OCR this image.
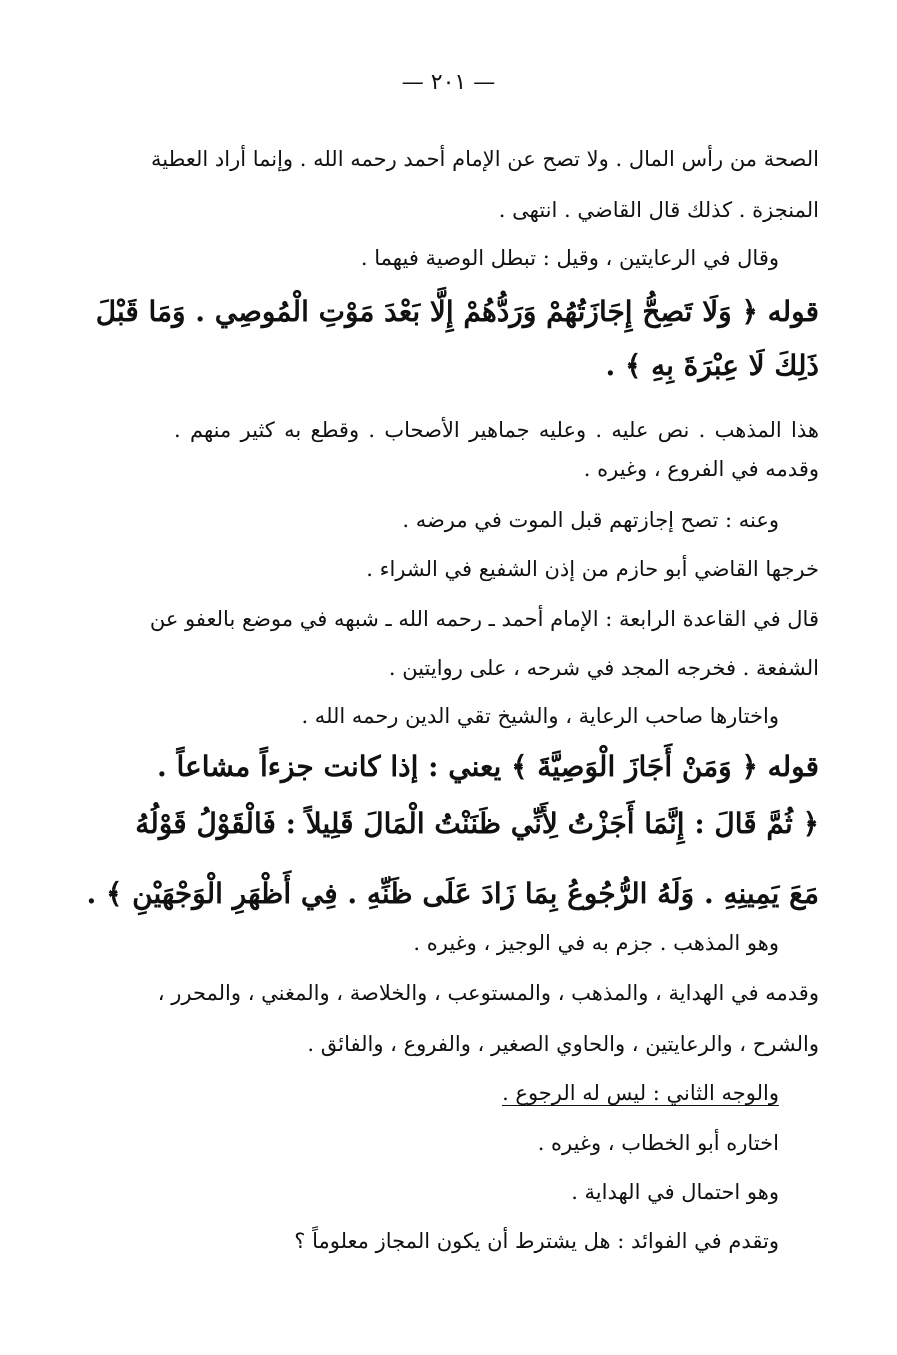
— ٢٠١ —
الصحة من رأس المال . ولا تصح عن الإمام أحمد رحمه الله . وإنما أراد العطية
المنجزة . كذلك قال القاضي . انتهى .
وقال في الرعايتين ، وقيل : تبطل الوصية فيهما .
قوله ﴿ وَلَا تَصِحُّ إِجَازَتُهُمْ وَرَدُّهُمْ إِلَّا بَعْدَ مَوْتِ الْمُوصِي . وَمَا قَبْلَ
ذَلِكَ لَا عِبْرَةَ بِهِ ﴾ .
هذا المذهب . نص عليه . وعليه جماهير الأصحاب . وقطع به كثير منهم .
وقدمه في الفروع ، وغيره .
وعنه : تصح إجازتهم قبل الموت في مرضه .
خرجها القاضي أبو حازم من إذن الشفيع في الشراء .
قال في القاعدة الرابعة : الإمام أحمد ـ رحمه الله ـ شبهه في موضع بالعفو عن
الشفعة . فخرجه المجد في شرحه ، على روايتين .
واختارها صاحب الرعاية ، والشيخ تقي الدين رحمه الله .
قوله ﴿ وَمَنْ أَجَازَ الْوَصِيَّةَ ﴾ يعني : إذا كانت جزءاً مشاعاً .
﴿ ثُمَّ قَالَ : إِنَّمَا أَجَزْتُ لِأَنِّي ظَنَنْتُ الْمَالَ قَلِيلاً : فَالْقَوْلُ قَوْلُهُ
مَعَ يَمِينِهِ . وَلَهُ الرُّجُوعُ بِمَا زَادَ عَلَى ظَنِّهِ . فِي أَظْهَرِ الْوَجْهَيْنِ ﴾ .
وهو المذهب . جزم به في الوجيز ، وغيره .
وقدمه في الهداية ، والمذهب ، والمستوعب ، والخلاصة ، والمغني ، والمحرر ،
والشرح ، والرعايتين ، والحاوي الصغير ، والفروع ، والفائق .
والوجه الثاني : ليس له الرجوع .
اختاره أبو الخطاب ، وغيره .
وهو احتمال في الهداية .
وتقدم في الفوائد : هل يشترط أن يكون المجاز معلوماً ؟
